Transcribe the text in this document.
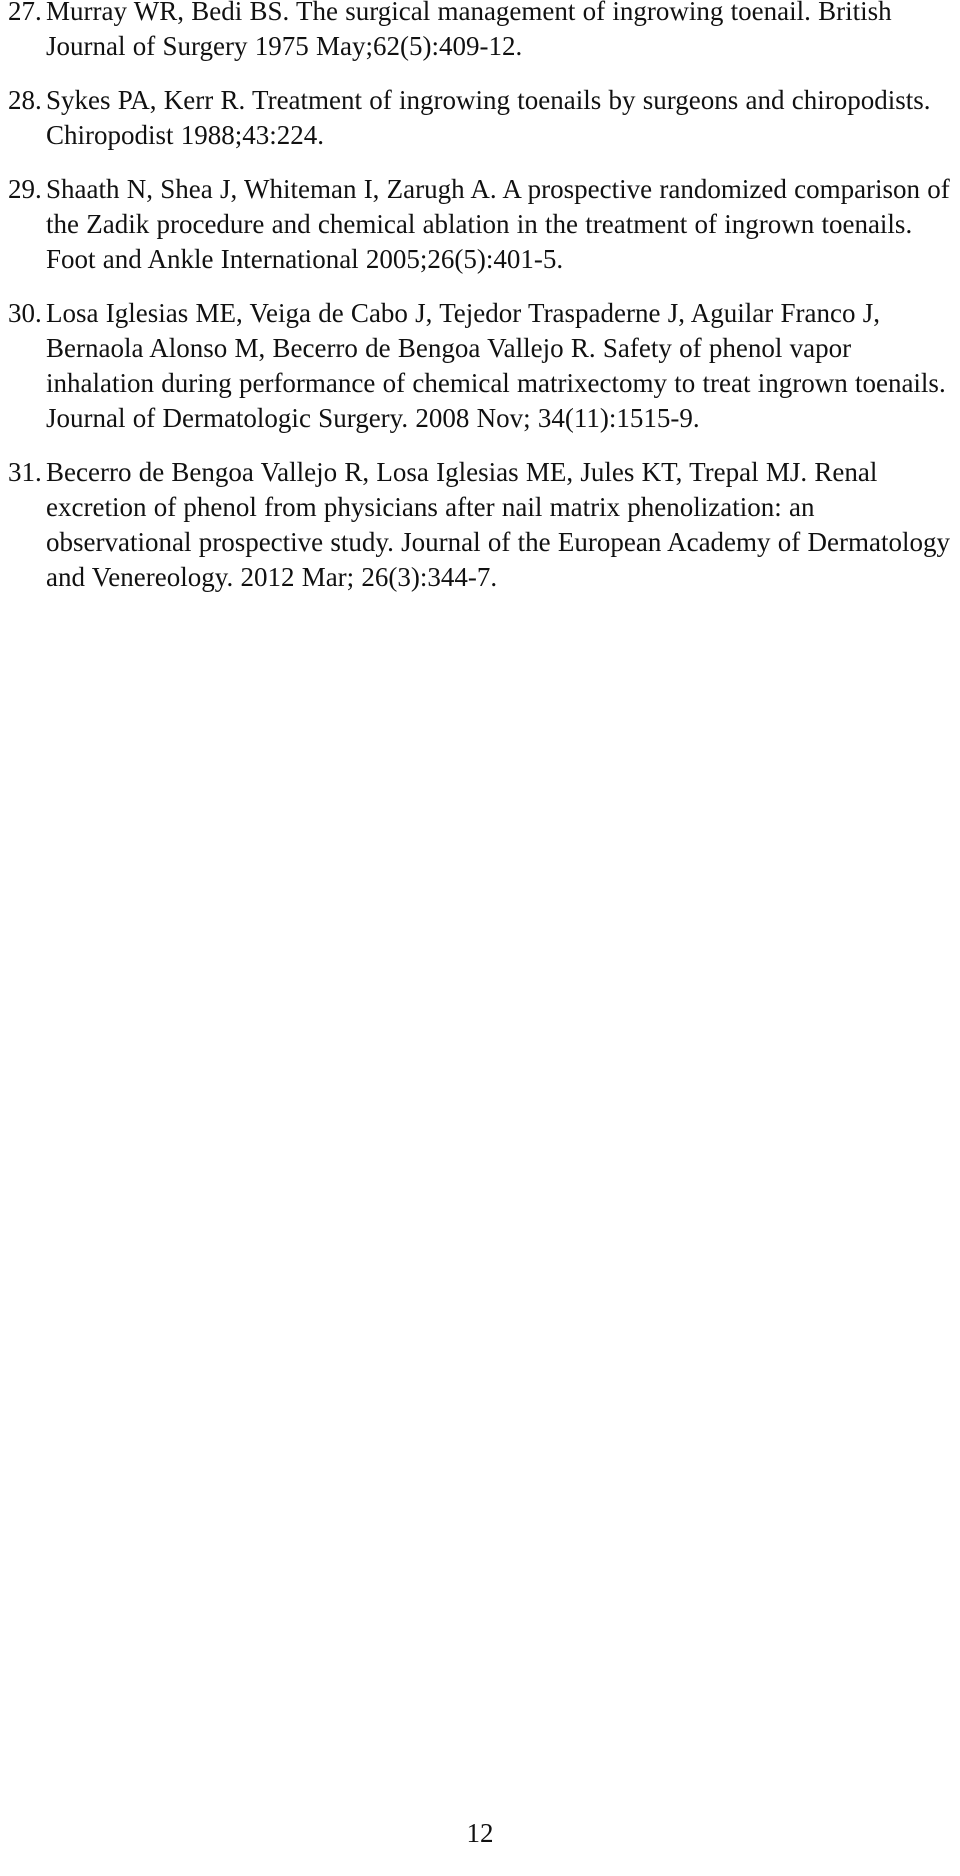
27. Murray WR, Bedi BS. The surgical management of ingrowing toenail. British Journal of Surgery 1975 May;62(5):409-12.
28. Sykes PA, Kerr R. Treatment of ingrowing toenails by surgeons and chiropodists. Chiropodist 1988;43:224.
29. Shaath N, Shea J, Whiteman I, Zarugh A. A prospective randomized comparison of the Zadik procedure and chemical ablation in the treatment of ingrown toenails. Foot and Ankle International 2005;26(5):401-5.
30. Losa Iglesias ME, Veiga de Cabo J, Tejedor Traspaderne J, Aguilar Franco J, Bernaola Alonso M, Becerro de Bengoa Vallejo R. Safety of phenol vapor inhalation during performance of chemical matrixectomy to treat ingrown toenails. Journal of Dermatologic Surgery. 2008 Nov; 34(11):1515-9.
31. Becerro de Bengoa Vallejo R, Losa Iglesias ME, Jules KT, Trepal MJ. Renal excretion of phenol from physicians after nail matrix phenolization: an observational prospective study. Journal of the European Academy of Dermatology and Venereology. 2012 Mar; 26(3):344-7.
12
